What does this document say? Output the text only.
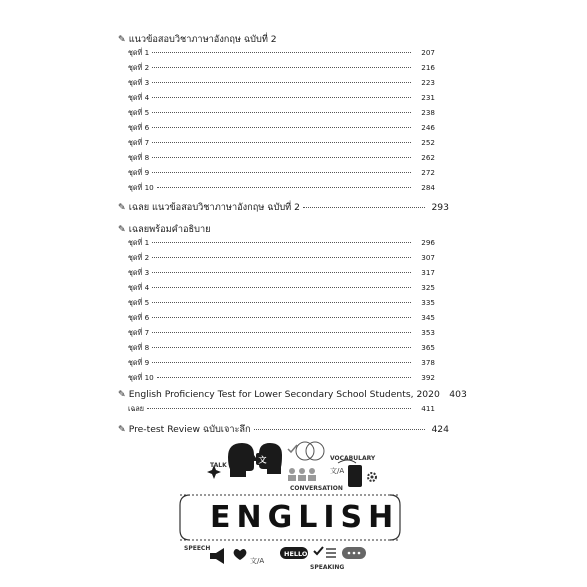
✎ แนวข้อสอบวิชาภาษาอังกฤษ ฉบับที่ 2
ชุดที่ 1	207
ชุดที่ 2	216
ชุดที่ 3	223
ชุดที่ 4	231
ชุดที่ 5	238
ชุดที่ 6	246
ชุดที่ 7	252
ชุดที่ 8	262
ชุดที่ 9	272
ชุดที่ 10	284
✎ เฉลย แนวข้อสอบวิชาภาษาอังกฤษ ฉบับที่ 2	293
✎ เฉลยพร้อมคำอธิบาย
ชุดที่ 1	296
ชุดที่ 2	307
ชุดที่ 3	317
ชุดที่ 4	325
ชุดที่ 5	335
ชุดที่ 6	345
ชุดที่ 7	353
ชุดที่ 8	365
ชุดที่ 9	378
ชุดที่ 10	392
✎ English Proficiency Test for Lower Secondary School Students, 2020	403
เฉลย	411
✎ Pre-test Review ฉบับเจาะลึก	424
文
ENGLISH
HELLO
TALK
VOCABULARY
文/A
CONVERSATION
SPEECH
文/A
SPEAKING
